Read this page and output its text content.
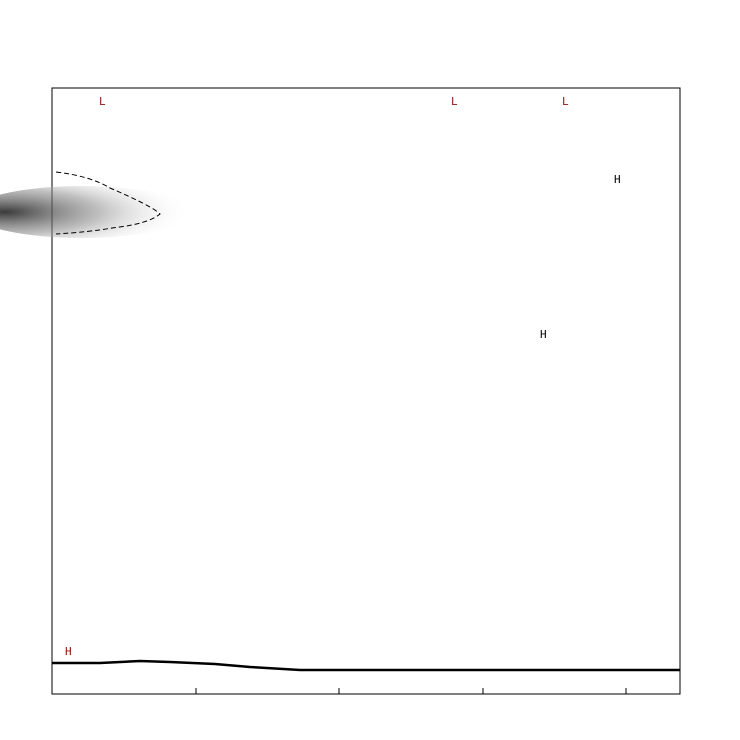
L	L	L
H
H
H
